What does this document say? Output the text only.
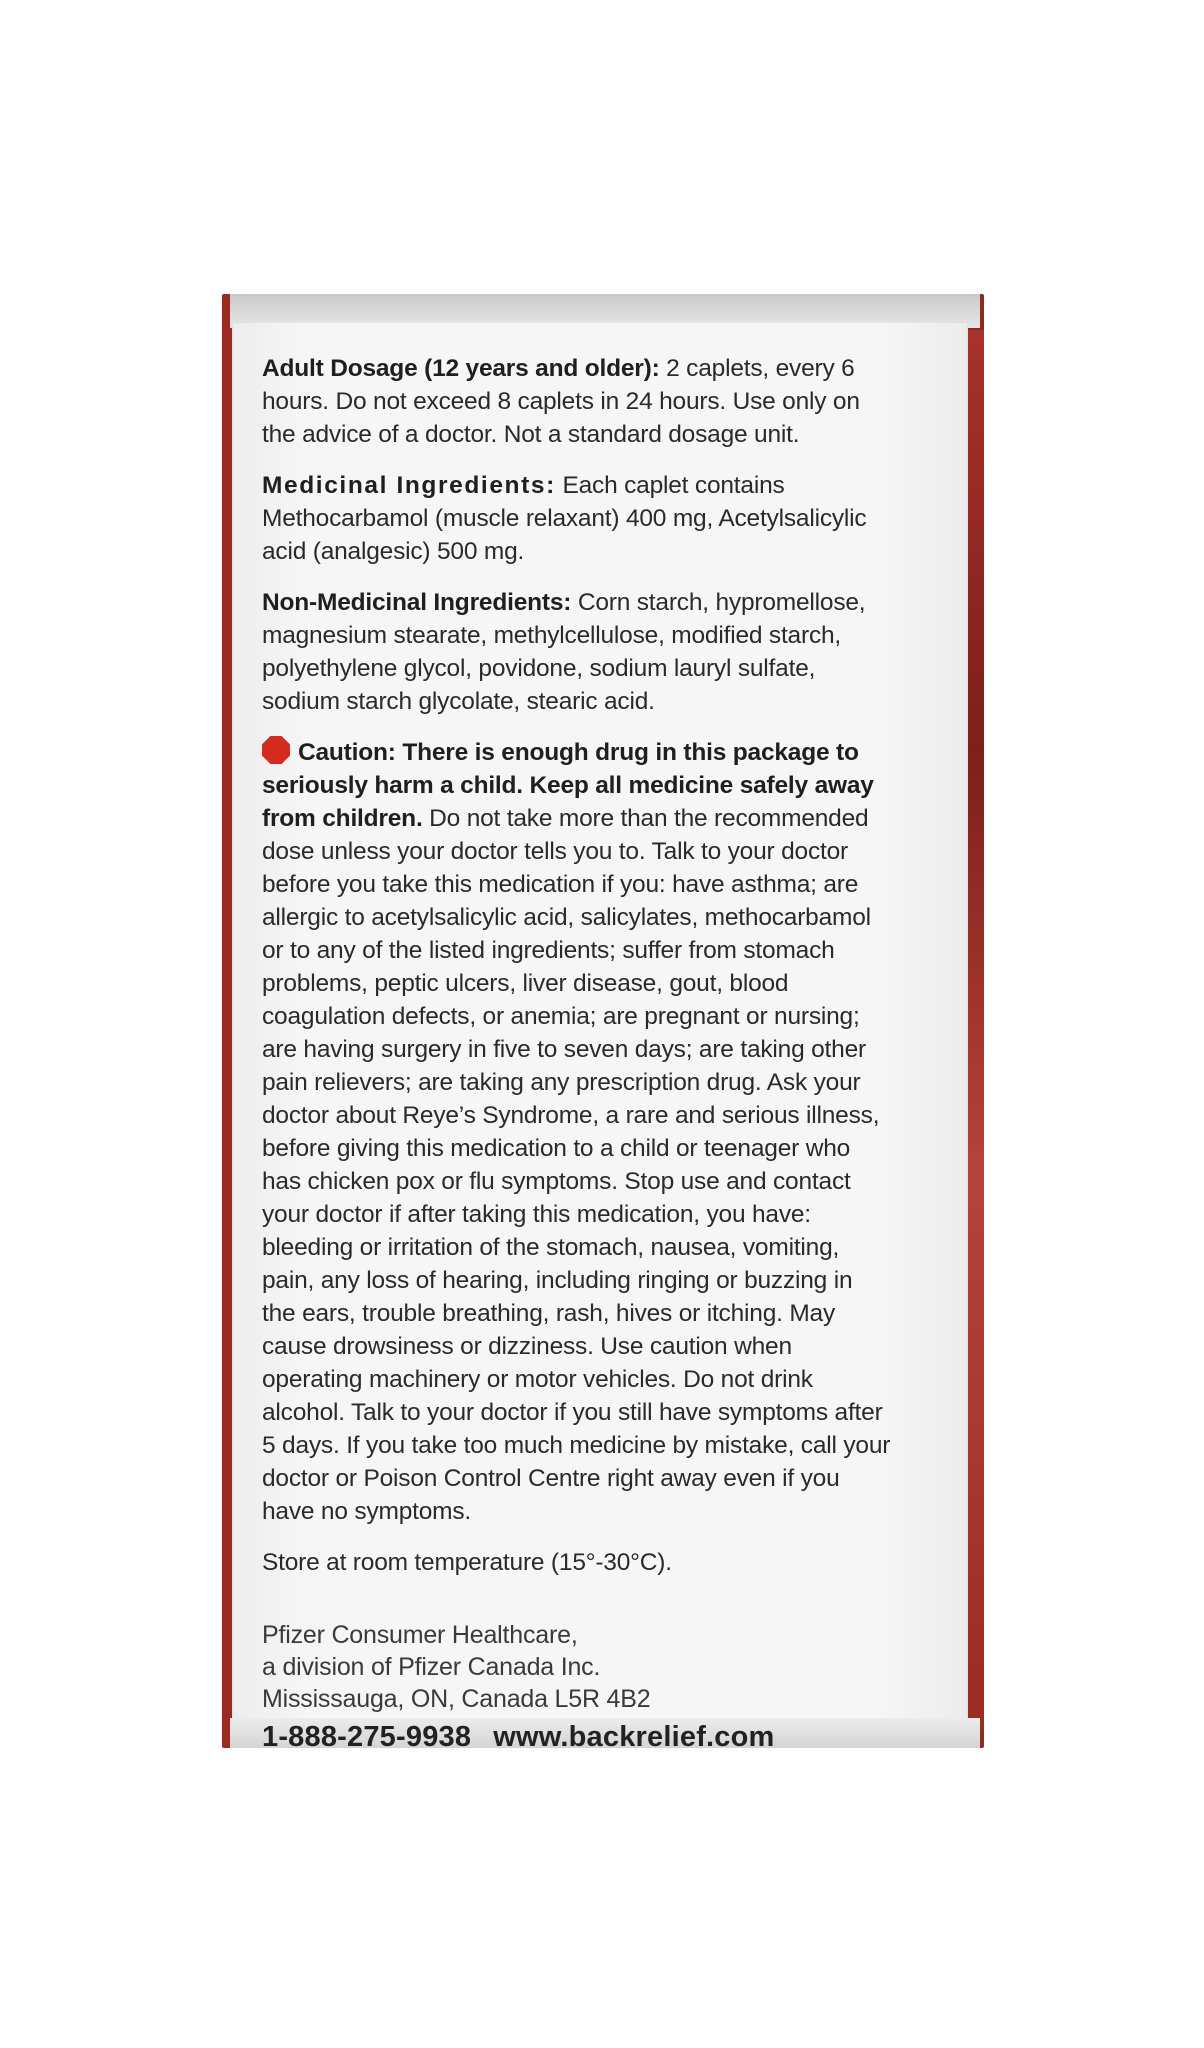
Adult Dosage (12 years and older): 2 caplets, every 6 hours. Do not exceed 8 caplets in 24 hours. Use only on the advice of a doctor. Not a standard dosage unit.

Medicinal Ingredients: Each caplet contains Methocarbamol (muscle relaxant) 400 mg, Acetylsalicylic acid (analgesic) 500 mg.

Non-Medicinal Ingredients: Corn starch, hypromellose, magnesium stearate, methylcellulose, modified starch, polyethylene glycol, povidone, sodium lauryl sulfate, sodium starch glycolate, stearic acid.

Caution: There is enough drug in this package to seriously harm a child. Keep all medicine safely away from children. Do not take more than the recommended dose unless your doctor tells you to. Talk to your doctor before you take this medication if you: have asthma; are allergic to acetylsalicylic acid, salicylates, methocarbamol or to any of the listed ingredients; suffer from stomach problems, peptic ulcers, liver disease, gout, blood coagulation defects, or anemia; are pregnant or nursing; are having surgery in five to seven days; are taking other pain relievers; are taking any prescription drug. Ask your doctor about Reye’s Syndrome, a rare and serious illness, before giving this medication to a child or teenager who has chicken pox or flu symptoms. Stop use and contact your doctor if after taking this medication, you have: bleeding or irritation of the stomach, nausea, vomiting, pain, any loss of hearing, including ringing or buzzing in the ears, trouble breathing, rash, hives or itching. May cause drowsiness or dizziness. Use caution when operating machinery or motor vehicles. Do not drink alcohol. Talk to your doctor if you still have symptoms after 5 days. If you take too much medicine by mistake, call your doctor or Poison Control Centre right away even if you have no symptoms.

Store at room temperature (15°-30°C).

Pfizer Consumer Healthcare,

a division of Pfizer Canada Inc.

Mississauga, ON, Canada L5R 4B2

1-888-275-9938 www.backrelief.com
